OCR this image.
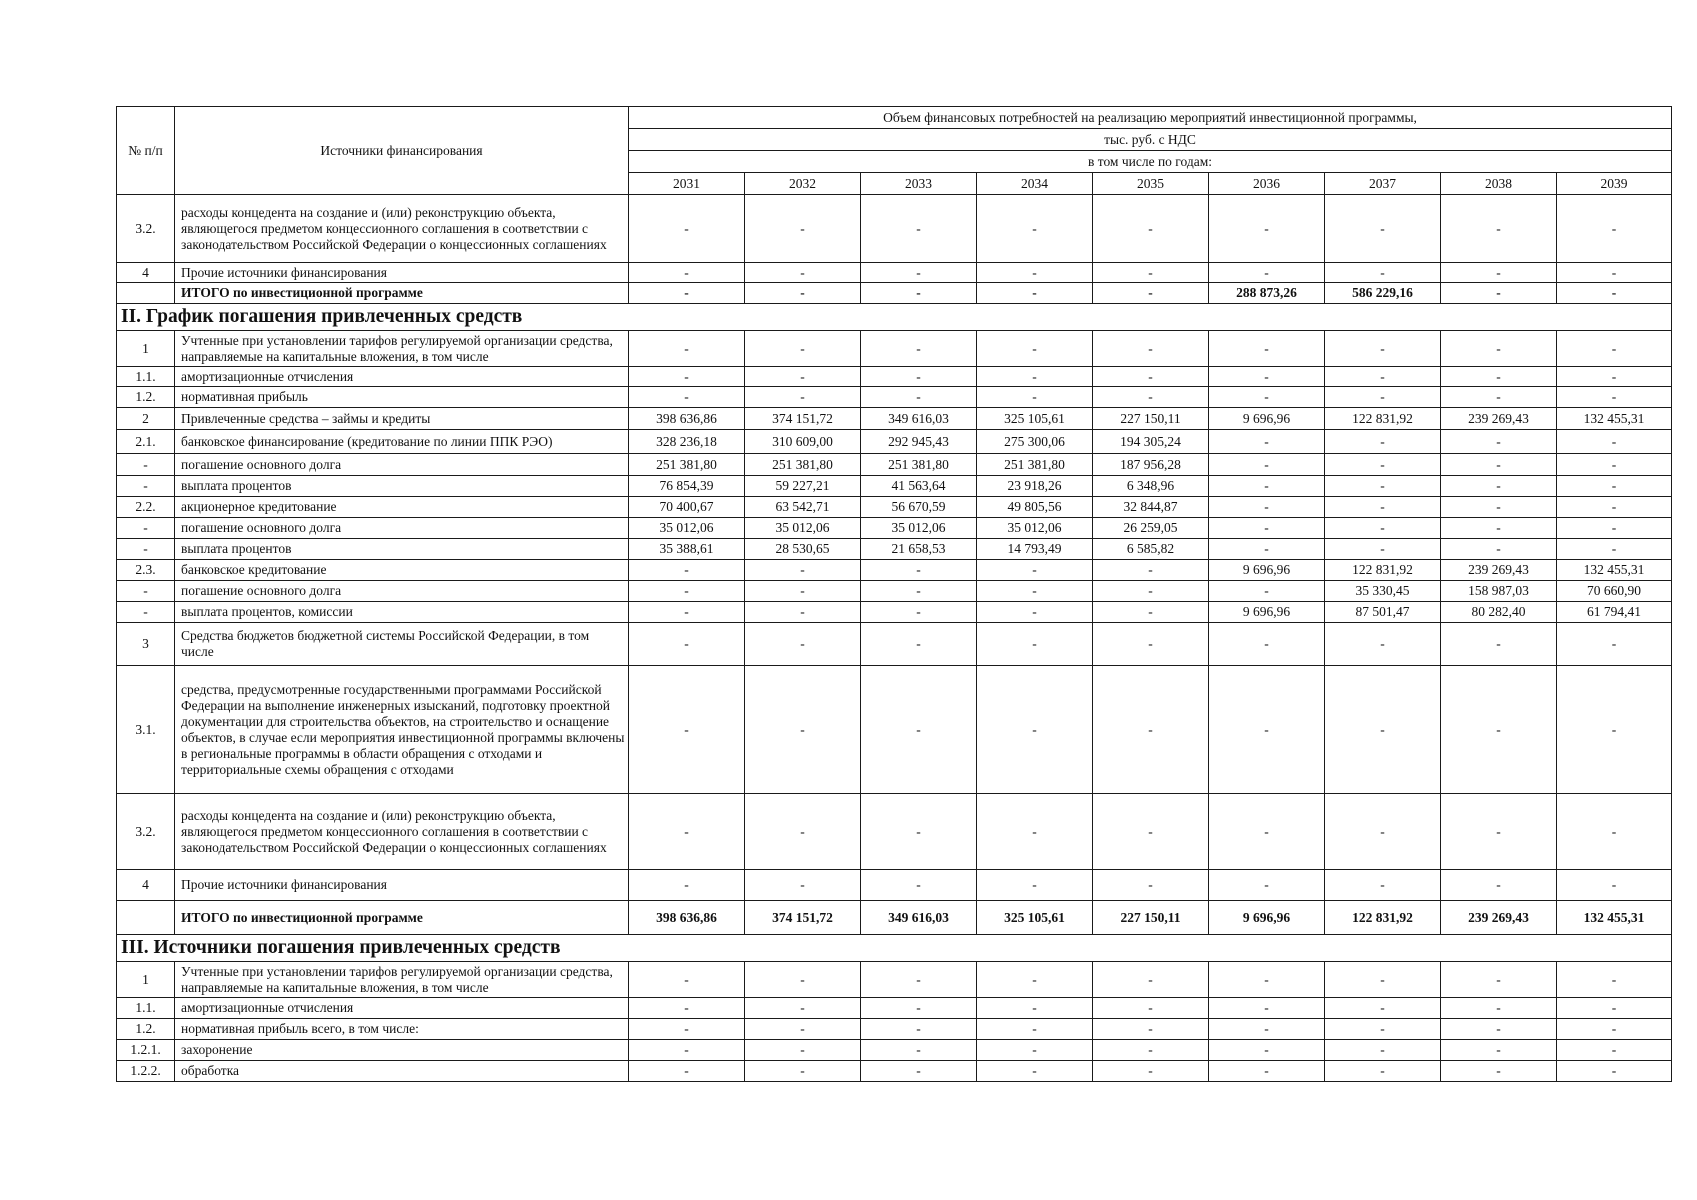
№ п/п	Источники финансирования	Объем финансовых потребностей на реализацию мероприятий инвестиционной программы,								
		тыс. руб. с НДС								
		в том числе по годам:								
		2031	2032	2033	2034	2035	2036	2037	2038	2039
3.2.	расходы концедента на создание и (или) реконструкцию объекта, являющегося предметом концессионного соглашения в соответствии с законодательством Российской Федерации о концессионных соглашениях	-	-	-	-	-	-	-	-	-
4	Прочие источники финансирования	-	-	-	-	-	-	-	-	-
	ИТОГО по инвестиционной программе	-	-	-	-	-	288 873,26	586 229,16	-	-
II. График погашения привлеченных средств										
1	Учтенные при установлении тарифов регулируемой организации средства, направляемые на капитальные вложения, в том числе	-	-	-	-	-	-	-	-	-
1.1.	амортизационные отчисления	-	-	-	-	-	-	-	-	-
1.2.	нормативная прибыль	-	-	-	-	-	-	-	-	-
2	Привлеченные средства – займы и кредиты	398 636,86	374 151,72	349 616,03	325 105,61	227 150,11	9 696,96	122 831,92	239 269,43	132 455,31
2.1.	банковское финансирование (кредитование по линии ППК РЭО)	328 236,18	310 609,00	292 945,43	275 300,06	194 305,24	-	-	-	-
-	погашение основного долга	251 381,80	251 381,80	251 381,80	251 381,80	187 956,28	-	-	-	-
-	выплата процентов	76 854,39	59 227,21	41 563,64	23 918,26	6 348,96	-	-	-	-
2.2.	акционерное кредитование	70 400,67	63 542,71	56 670,59	49 805,56	32 844,87	-	-	-	-
-	погашение основного долга	35 012,06	35 012,06	35 012,06	35 012,06	26 259,05	-	-	-	-
-	выплата процентов	35 388,61	28 530,65	21 658,53	14 793,49	6 585,82	-	-	-	-
2.3.	банковское кредитование	-	-	-	-	-	9 696,96	122 831,92	239 269,43	132 455,31
-	погашение основного долга	-	-	-	-	-	-	35 330,45	158 987,03	70 660,90
-	выплата процентов, комиссии	-	-	-	-	-	9 696,96	87 501,47	80 282,40	61 794,41
3	Средства бюджетов бюджетной системы Российской Федерации, в том числе	-	-	-	-	-	-	-	-	-
3.1.	средства, предусмотренные государственными программами Российской Федерации на выполнение инженерных изысканий, подготовку проектной документации для строительства объектов, на строительство и оснащение объектов, в случае если мероприятия инвестиционной программы включены в региональные программы в области обращения с отходами и территориальные схемы обращения с отходами	-	-	-	-	-	-	-	-	-
3.2.	расходы концедента на создание и (или) реконструкцию объекта, являющегося предметом концессионного соглашения в соответствии с законодательством Российской Федерации о концессионных соглашениях	-	-	-	-	-	-	-	-	-
4	Прочие источники финансирования	-	-	-	-	-	-	-	-	-
	ИТОГО по инвестиционной программе	398 636,86	374 151,72	349 616,03	325 105,61	227 150,11	9 696,96	122 831,92	239 269,43	132 455,31
III. Источники погашения привлеченных средств										
1	Учтенные при установлении тарифов регулируемой организации средства, направляемые на капитальные вложения, в том числе	-	-	-	-	-	-	-	-	-
1.1.	амортизационные отчисления	-	-	-	-	-	-	-	-	-
1.2.	нормативная прибыль всего, в том числе:	-	-	-	-	-	-	-	-	-
1.2.1.	захоронение	-	-	-	-	-	-	-	-	-
1.2.2.	обработка	-	-	-	-	-	-	-	-	-
